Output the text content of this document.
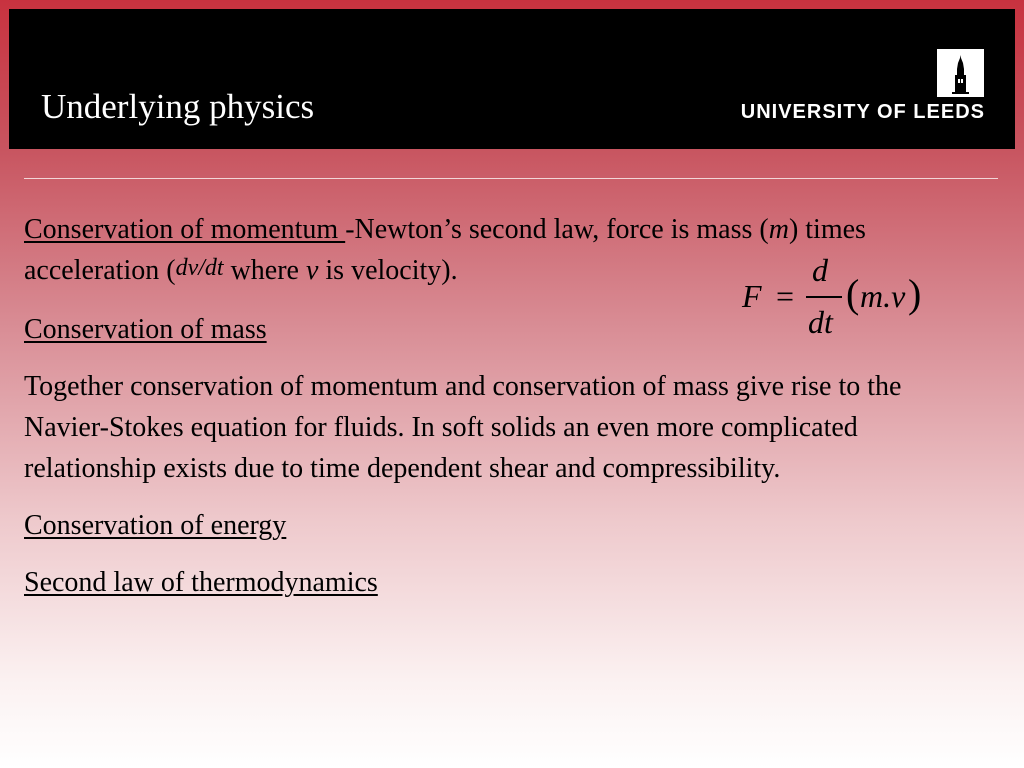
Underlying physics	UNIVERSITY OF LEEDS

Conservation of momentum -Newton’s second law, force is mass (m) times acceleration (dv/dt where v is velocity).

Conservation of mass

Together conservation of momentum and conservation of mass give rise to the Navier-Stokes equation for fluids. In soft solids an even more complicated relationship exists due to time dependent shear and compressibility.

Conservation of energy

Second law of thermodynamics

F =
d
dt
( m.v )
